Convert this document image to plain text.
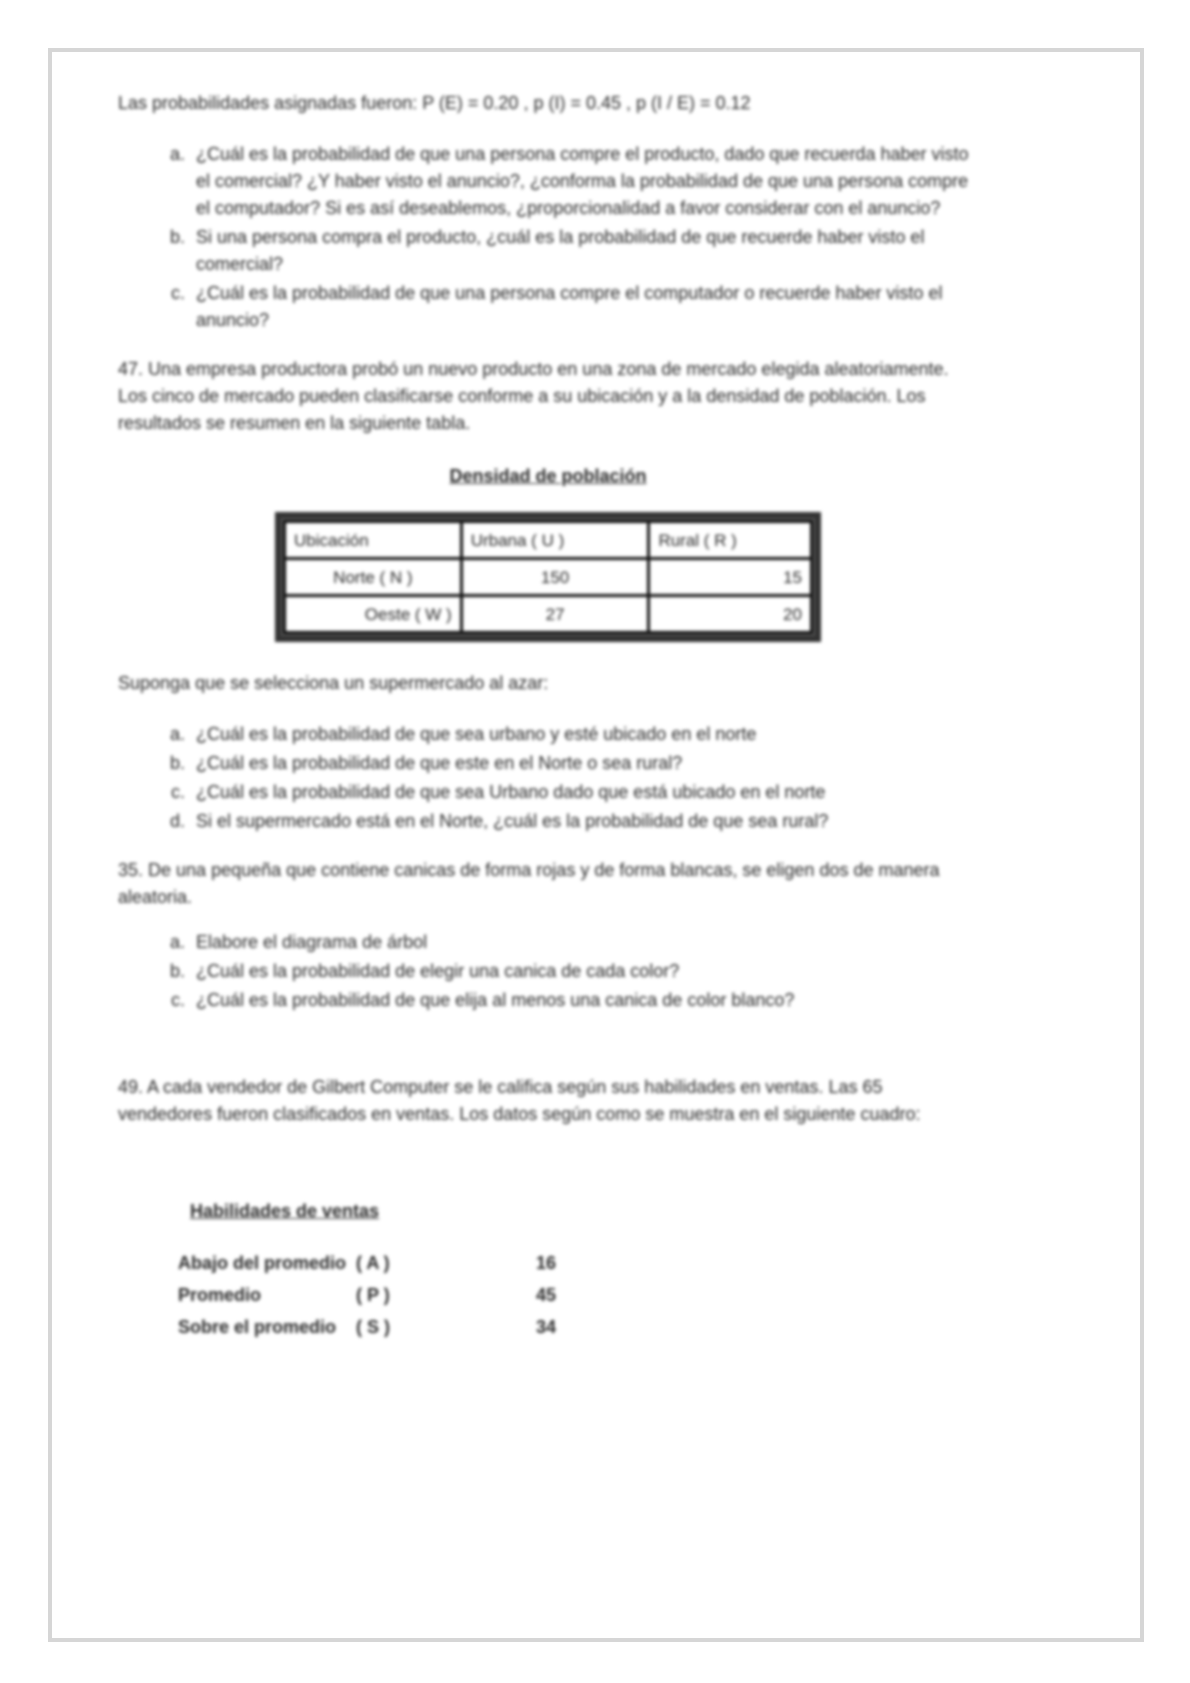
Las probabilidades asignadas fueron: P (E) = 0.20 , p (I) = 0.45 , p (I / E) = 0.12

a. ¿Cuál es la probabilidad de que una persona compre el producto, dado que recuerda haber visto el comercial? ¿Y haber visto el anuncio?, ¿conforma la probabilidad de que una persona compre el computador? Si es así deseablemos, ¿proporcionalidad a favor considerar con el anuncio?
b. Si una persona compra el producto, ¿cuál es la probabilidad de que recuerde haber visto el comercial?
c. ¿Cuál es la probabilidad de que una persona compre el computador o recuerde haber visto el anuncio?

47. Una empresa productora probó un nuevo producto en una zona de mercado elegida aleatoriamente. Los cinco de mercado pueden clasificarse conforme a su ubicación y a la densidad de población. Los resultados se resumen en la siguiente tabla.

Densidad de población

Ubicación	Urbana ( U )	Rural ( R )
Norte ( N )	150	15
Oeste ( W )	27	20

Suponga que se selecciona un supermercado al azar:

a. ¿Cuál es la probabilidad de que sea urbano y esté ubicado en el norte
b. ¿Cuál es la probabilidad de que este en el Norte o sea rural?
c. ¿Cuál es la probabilidad de que sea Urbano dado que está ubicado en el norte
d. Si el supermercado está en el Norte, ¿cuál es la probabilidad de que sea rural?

35. De una pequeña que contiene canicas de forma rojas y de forma blancas, se eligen dos de manera aleatoria.

a. Elabore el diagrama de árbol
b. ¿Cuál es la probabilidad de elegir una canica de cada color?
c. ¿Cuál es la probabilidad de que elija al menos una canica de color blanco?

49. A cada vendedor de Gilbert Computer se le califica según sus habilidades en ventas. Las 65 vendedores fueron clasificados en ventas. Los datos según como se muestra en el siguiente cuadro:

Habilidades de ventas

Abajo del promedio	( A )	16
Promedio	( P )	45
Sobre el promedio	( S )	34
